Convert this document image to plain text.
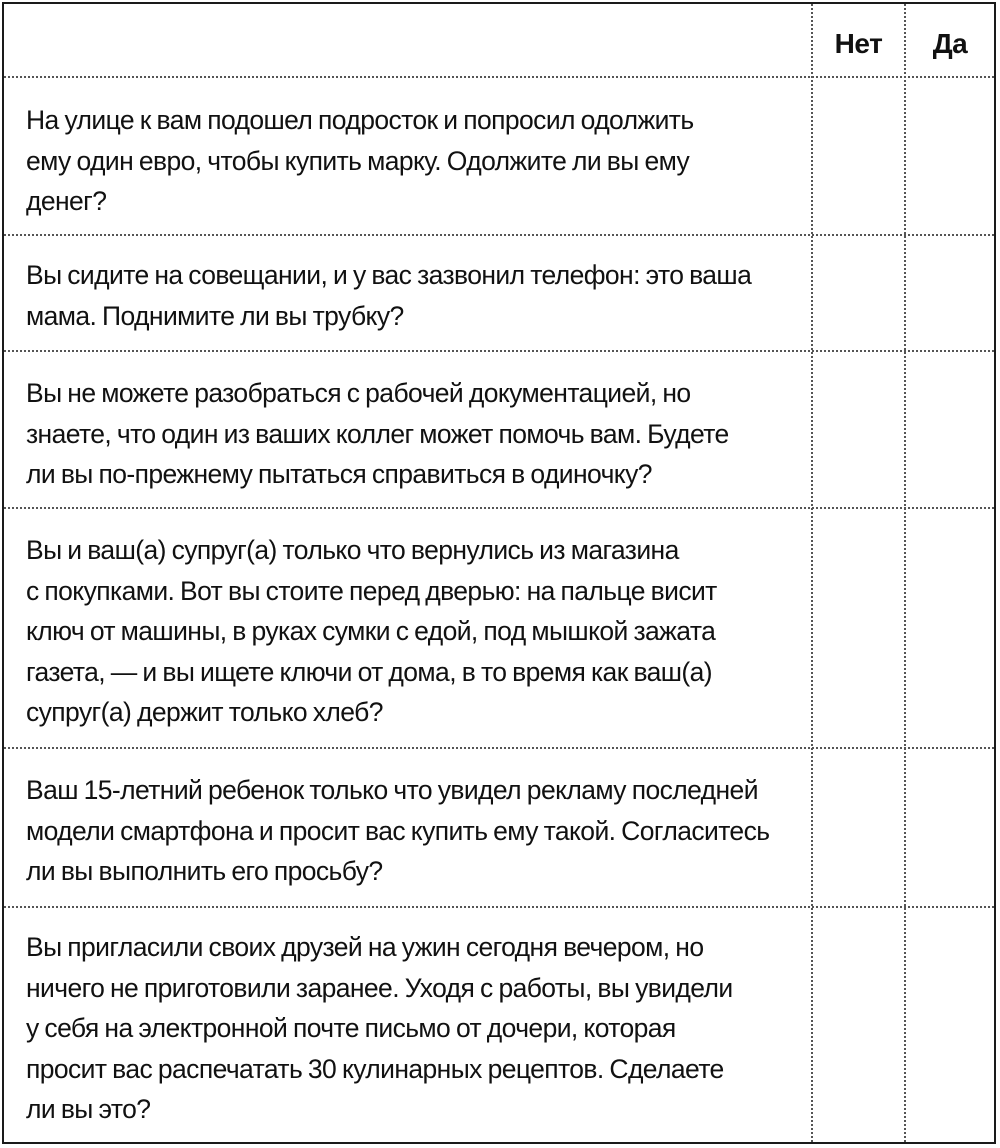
Нет	Да
На улице к вам подошел подросток и попросил одолжить
ему один евро, чтобы купить марку. Одолжите ли вы ему
денег?
Вы сидите на совещании, и у вас зазвонил телефон: это ваша
мама. Поднимите ли вы трубку?
Вы не можете разобраться с рабочей документацией, но
знаете, что один из ваших коллег может помочь вам. Будете
ли вы по-прежнему пытаться справиться в одиночку?
Вы и ваш(а) супруг(а) только что вернулись из магазина
с покупками. Вот вы стоите перед дверью: на пальце висит
ключ от машины, в руках сумки с едой, под мышкой зажата
газета, — и вы ищете ключи от дома, в то время как ваш(а)
супруг(а) держит только хлеб?
Ваш 15-летний ребенок только что увидел рекламу последней
модели смартфона и просит вас купить ему такой. Согласитесь
ли вы выполнить его просьбу?
Вы пригласили своих друзей на ужин сегодня вечером, но
ничего не приготовили заранее. Уходя с работы, вы увидели
у себя на электронной почте письмо от дочери, которая
просит вас распечатать 30 кулинарных рецептов. Сделаете
ли вы это?
